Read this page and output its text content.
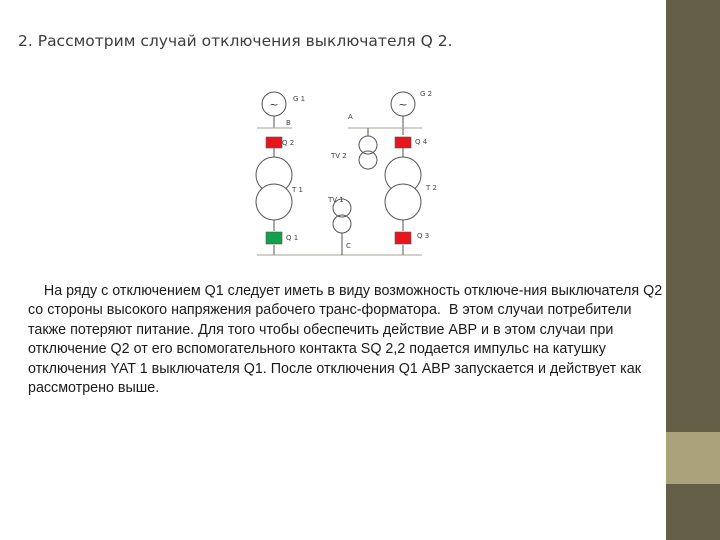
2. Рассмотрим случай отключения выключателя Q 2.
~	~
G 1
G 2
B
A
C
Q 2	Q 4
Q 1	Q 3
T 1	T 2
TV 2
TV 1

На ряду с отключением Q1 следует иметь в виду возможность отключе-ния выключателя Q2 со стороны высокого напряжения рабочего транс-форматора.  В этом случаи потребители также потеряют питание. Для того чтобы обеспечить действие АВР и в этом случаи при отключение Q2 от его вспомогательного контакта SQ 2,2 подается импульс на катушку отключения YAT 1 выключателя Q1. После отключения Q1 АВР запускается и действует как рассмотрено выше.
